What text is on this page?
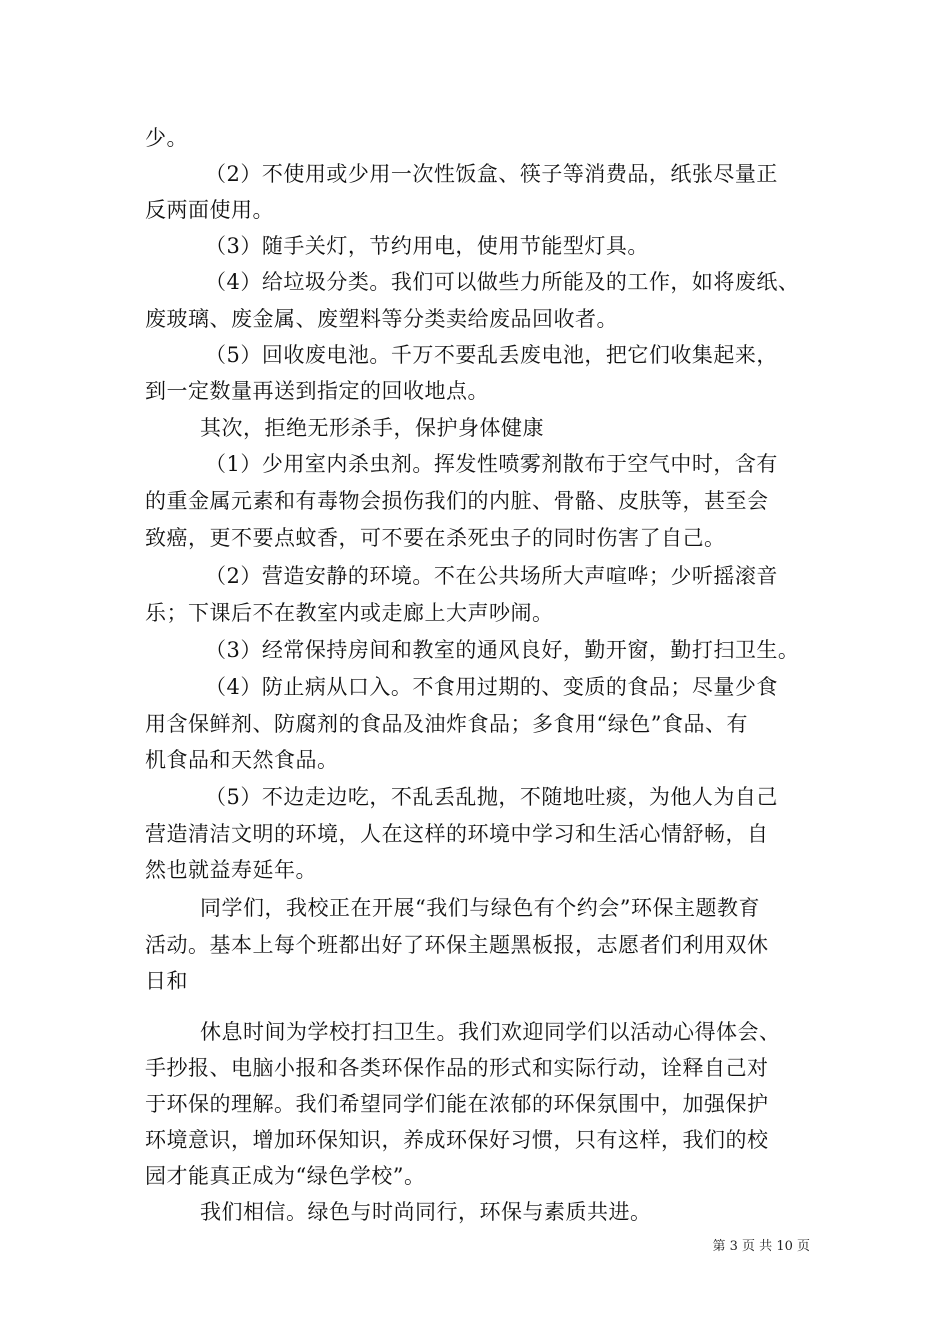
少。
（2）不使用或少用一次性饭盒、筷子等消费品，纸张尽量正
反两面使用。
（3）随手关灯，节约用电，使用节能型灯具。
（4）给垃圾分类。我们可以做些力所能及的工作，如将废纸、
废玻璃、废金属、废塑料等分类卖给废品回收者。
（5）回收废电池。千万不要乱丢废电池，把它们收集起来，
到一定数量再送到指定的回收地点。
其次，拒绝无形杀手，保护身体健康
（1）少用室内杀虫剂。挥发性喷雾剂散布于空气中时，含有
的重金属元素和有毒物会损伤我们的内脏、骨骼、皮肤等，甚至会
致癌，更不要点蚊香，可不要在杀死虫子的同时伤害了自己。
（2）营造安静的环境。不在公共场所大声喧哗；少听摇滚音
乐；下课后不在教室内或走廊上大声吵闹。
（3）经常保持房间和教室的通风良好，勤开窗，勤打扫卫生。
（4）防止病从口入。不食用过期的、变质的食品；尽量少食
用含保鲜剂、防腐剂的食品及油炸食品；多食用“绿色”食品、有
机食品和天然食品。
（5）不边走边吃，不乱丢乱抛，不随地吐痰，为他人为自己
营造清洁文明的环境，人在这样的环境中学习和生活心情舒畅，自
然也就益寿延年。
同学们，我校正在开展“我们与绿色有个约会”环保主题教育
活动。基本上每个班都出好了环保主题黑板报，志愿者们利用双休
日和
休息时间为学校打扫卫生。我们欢迎同学们以活动心得体会、
手抄报、电脑小报和各类环保作品的形式和实际行动，诠释自己对
于环保的理解。我们希望同学们能在浓郁的环保氛围中，加强保护
环境意识，增加环保知识，养成环保好习惯，只有这样，我们的校
园才能真正成为“绿色学校”。
我们相信。绿色与时尚同行，环保与素质共进。
第 3 页 共 10 页
